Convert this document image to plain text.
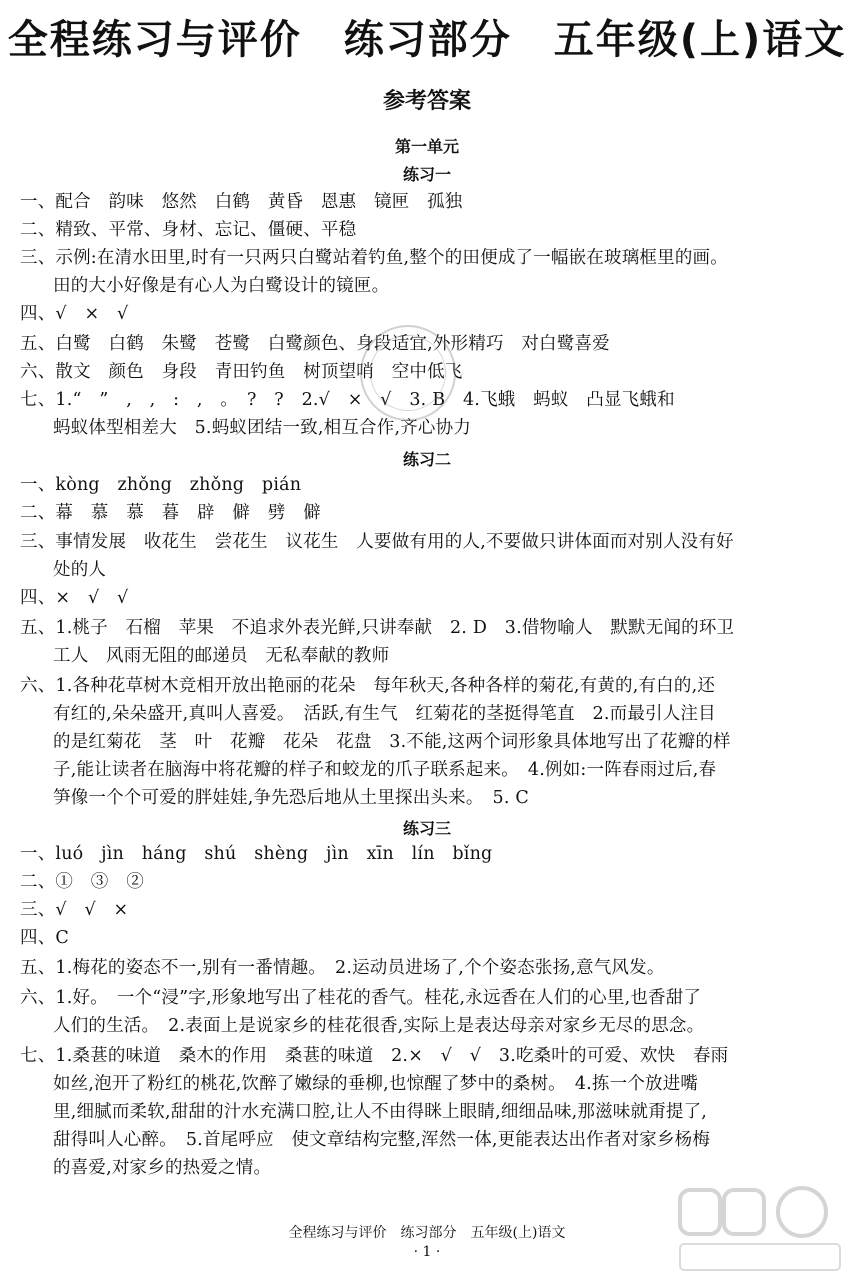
全程练习与评价　练习部分　五年级(上)语文
参考答案
第一单元
练习一
一、配合　韵味　悠然　白鹤　黄昏　恩惠　镜匣　孤独
二、精致、平常、身材、忘记、僵硬、平稳
三、示例:在清水田里,时有一只两只白鹭站着钓鱼,整个的田便成了一幅嵌在玻璃框里的画。
田的大小好像是有心人为白鹭设计的镜匣。
四、√　×　√
五、白鹭　白鹤　朱鹭　苍鹭　白鹭颜色、身段适宜,外形精巧　对白鹭喜爱
六、散文　颜色　身段　青田钓鱼　树顶望哨　空中低飞
七、1.“　”　,　,　:　,　。　?　?　2.√　×　√　3. B　4.飞蛾　蚂蚁　凸显飞蛾和
蚂蚁体型相差大　5.蚂蚁团结一致,相互合作,齐心协力
练习二
一、kòng　zhǒng　zhǒng　pián
二、幕　慕　慕　暮　辟　僻　劈　僻
三、事情发展　收花生　尝花生　议花生　人要做有用的人,不要做只讲体面而对别人没有好
处的人
四、×　√　√
五、1.桃子　石榴　苹果　不追求外表光鲜,只讲奉献　2. D　3.借物喻人　默默无闻的环卫
工人　风雨无阻的邮递员　无私奉献的教师
六、1.各种花草树木竞相开放出艳丽的花朵　每年秋天,各种各样的菊花,有黄的,有白的,还
有红的,朵朵盛开,真叫人喜爱。　活跃,有生气　红菊花的茎挺得笔直　2.而最引人注目
的是红菊花　茎　叶　花瓣　花朵　花盘　3.不能,这两个词形象具体地写出了花瓣的样
子,能让读者在脑海中将花瓣的样子和蛟龙的爪子联系起来。　4.例如:一阵春雨过后,春
笋像一个个可爱的胖娃娃,争先恐后地从土里探出头来。　5. C
练习三
一、luó　jìn　háng　shú　shèng　jìn　xīn　lín　bǐng
二、①　③　②
三、√　√　×
四、C
五、1.梅花的姿态不一,别有一番情趣。　2.运动员进场了,个个姿态张扬,意气风发。
六、1.好。　一个“浸”字,形象地写出了桂花的香气。桂花,永远香在人们的心里,也香甜了
人们的生活。　2.表面上是说家乡的桂花很香,实际上是表达母亲对家乡无尽的思念。
七、1.桑葚的味道　桑木的作用　桑葚的味道　2.×　√　√　3.吃桑叶的可爱、欢快　春雨
如丝,泡开了粉红的桃花,饮醉了嫩绿的垂柳,也惊醒了梦中的桑树。　4.拣一个放进嘴
里,细腻而柔软,甜甜的汁水充满口腔,让人不由得眯上眼睛,细细品味,那滋味就甭提了,
甜得叫人心醉。　5.首尾呼应　使文章结构完整,浑然一体,更能表达出作者对家乡杨梅
的喜爱,对家乡的热爱之情。
全程练习与评价　练习部分　五年级(上)语文
· 1 ·
